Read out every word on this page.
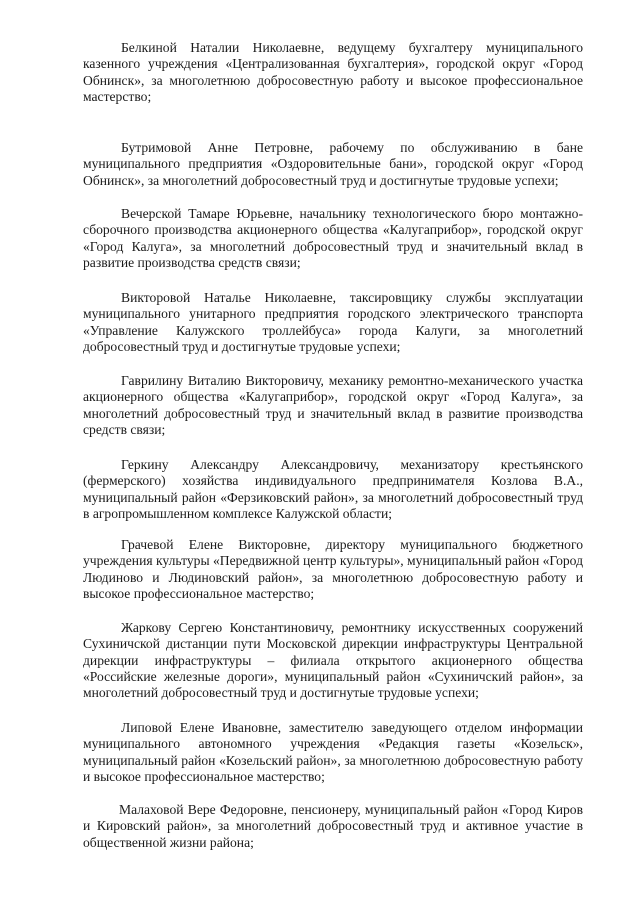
Белкиной Наталии Николаевне, ведущему бухгалтеру муниципального казенного учреждения «Централизованная бухгалтерия», городской округ «Город Обнинск», за многолетнюю добросовестную работу и высокое профессиональное мастерство;

Бутримовой Анне Петровне, рабочему по обслуживанию в бане муниципального предприятия «Оздоровительные бани», городской округ «Город Обнинск», за многолетний добросовестный труд и достигнутые трудовые успехи;

Вечерской Тамаре Юрьевне, начальнику технологического бюро монтажно-сборочного производства акционерного общества «Калугаприбор», городской округ «Город Калуга», за многолетний добросовестный труд и значительный вклад в развитие производства средств связи;

Викторовой Наталье Николаевне, таксировщику службы эксплуатации муниципального унитарного предприятия городского электрического транспорта «Управление Калужского троллейбуса» города Калуги, за многолетний добросовестный труд и достигнутые трудовые успехи;

Гаврилину Виталию Викторовичу, механику ремонтно-механического участка акционерного общества «Калугаприбор», городской округ «Город Калуга», за многолетний добросовестный труд и значительный вклад в развитие производства средств связи;

Геркину Александру Александровичу, механизатору крестьянского (фермерского) хозяйства индивидуального предпринимателя Козлова В.А., муниципальный район «Ферзиковский район», за многолетний добросовестный труд в агропромышленном комплексе Калужской области;

Грачевой Елене Викторовне, директору муниципального бюджетного учреждения культуры «Передвижной центр культуры», муниципальный район «Город Людиново и Людиновский район», за многолетнюю добросовестную работу и высокое профессиональное мастерство;

Жаркову Сергею Константиновичу, ремонтнику искусственных сооружений Сухиничской дистанции пути Московской дирекции инфраструктуры Центральной дирекции инфраструктуры – филиала открытого акционерного общества «Российские железные дороги», муниципальный район «Сухиничский район», за многолетний добросовестный труд и достигнутые трудовые успехи;

Липовой Елене Ивановне, заместителю заведующего отделом информации муниципального автономного учреждения «Редакция газеты «Козельск», муниципальный район «Козельский район», за многолетнюю добросовестную работу и высокое профессиональное мастерство;

Малаховой Вере Федоровне, пенсионеру, муниципальный район «Город Киров и Кировский район», за многолетний добросовестный труд и активное участие в общественной жизни района;
